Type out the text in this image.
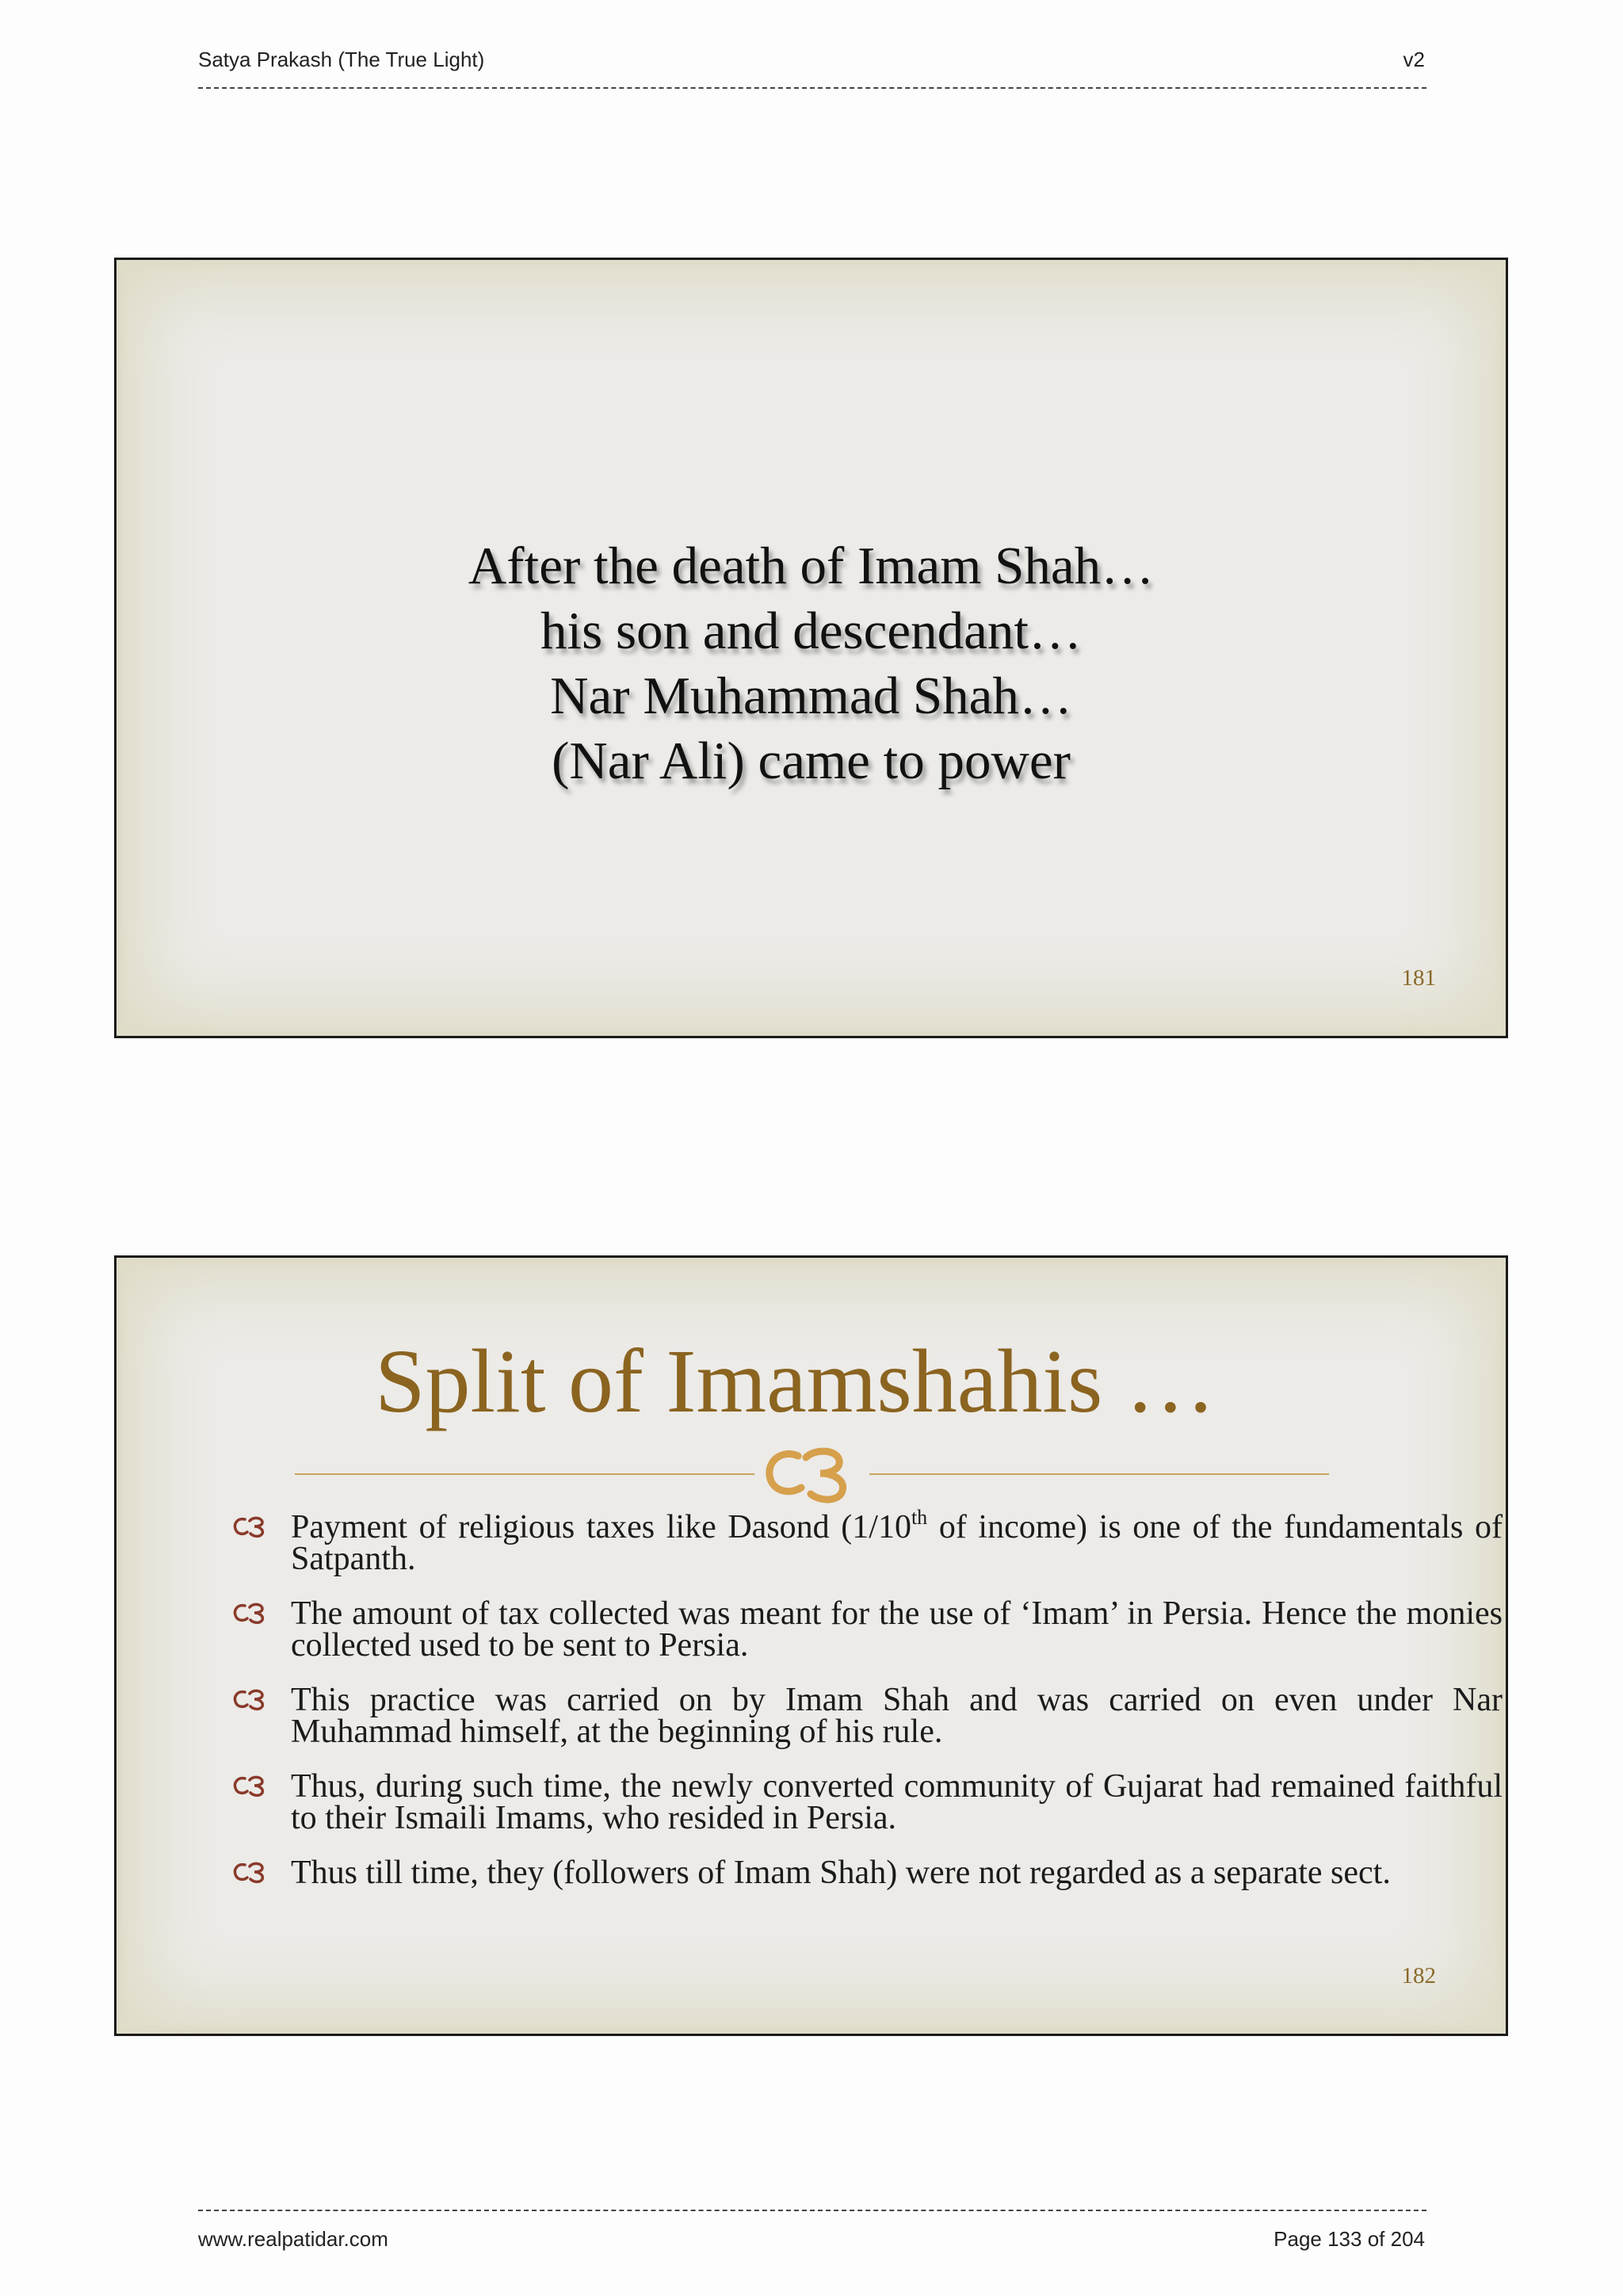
Satya Prakash (The True Light)	v2
After the death of Imam Shah…
his son and descendant…
Nar Muhammad Shah…
(Nar Ali) came to power
181
Split of Imamshahis …
Payment of religious taxes like Dasond (1/10th of income) is one of the fundamentals of Satpanth.
The amount of tax collected was meant for the use of ‘Imam’ in Persia. Hence the monies collected used to be sent to Persia.
This practice was carried on by Imam Shah and was carried on even under Nar Muhammad himself, at the beginning of his rule.
Thus, during such time, the newly converted community of Gujarat had remained faithful to their Ismaili Imams, who resided in Persia.
Thus till time, they (followers of Imam Shah) were not regarded as a separate sect.
182
www.realpatidar.com	Page 133 of 204
